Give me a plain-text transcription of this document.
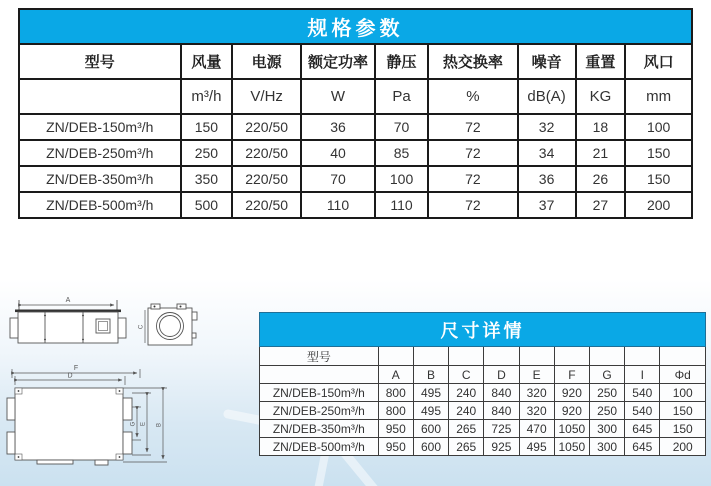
A
C
F
D
G E B
规格参数								
型号	风量	电源	额定功率	静压	热交换率	噪音	重置	风口
	m³/h	V/Hz	W	Pa	%	dB(A)	KG	mm
ZN/DEB-150m³/h	150	220/50	36	70	72	32	18	100
ZN/DEB-250m³/h	250	220/50	40	85	72	34	21	150
ZN/DEB-350m³/h	350	220/50	70	100	72	36	26	150
ZN/DEB-500m³/h	500	220/50	110	110	72	37	27	200
尺寸详情									
型号									
	A	B	C	D	E	F	G	I	Φd
ZN/DEB-150m³/h	800	495	240	840	320	920	250	540	100
ZN/DEB-250m³/h	800	495	240	840	320	920	250	540	150
ZN/DEB-350m³/h	950	600	265	725	470	1050	300	645	150
ZN/DEB-500m³/h	950	600	265	925	495	1050	300	645	200
